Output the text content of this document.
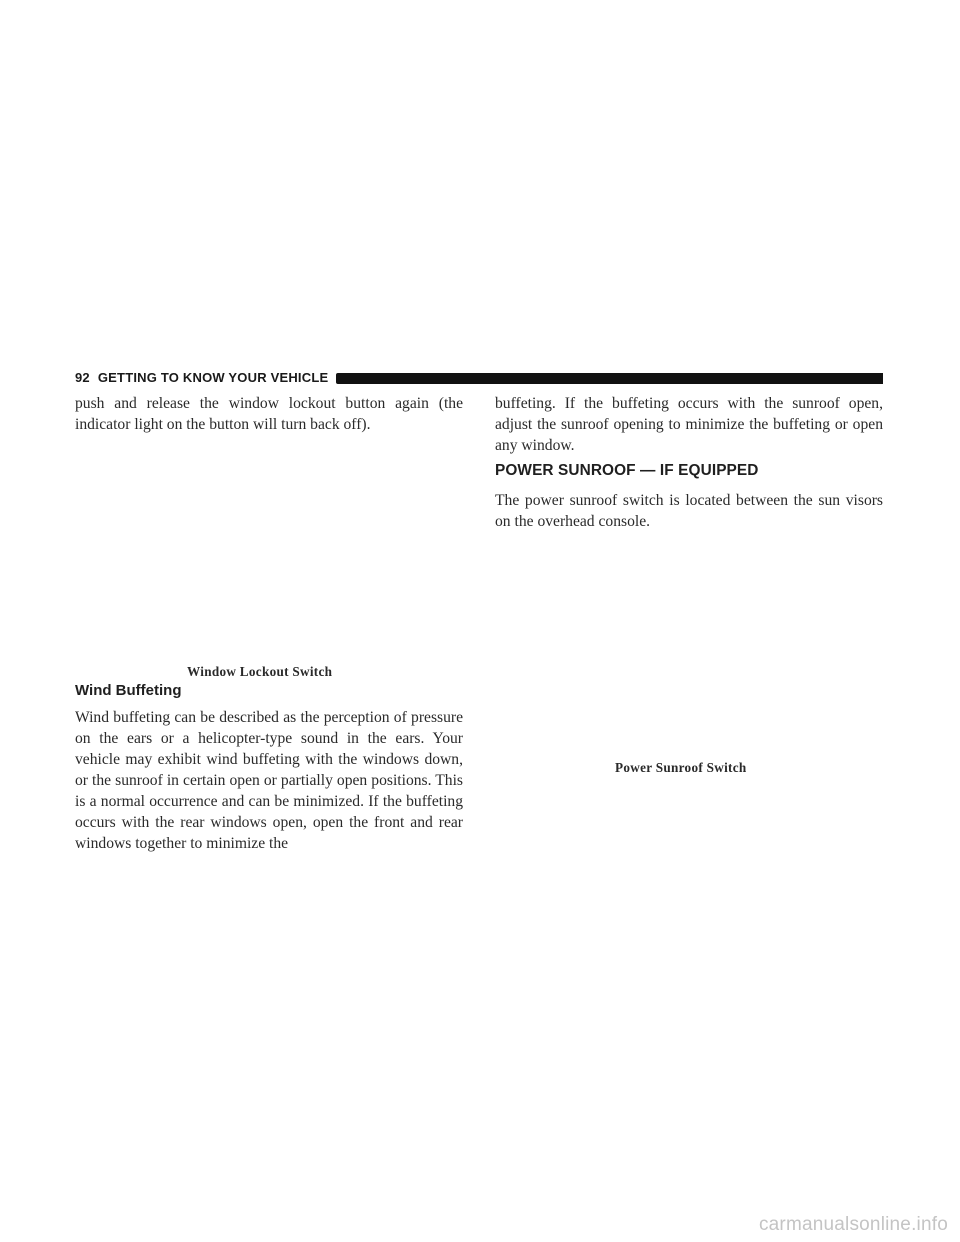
92 GETTING TO KNOW YOUR VEHICLE

push and release the window lockout button again (the indicator light on the button will turn back off).

Window Lockout Switch
Wind Buffeting

Wind buffeting can be described as the perception of pressure on the ears or a helicopter-type sound in the ears. Your vehicle may exhibit wind buffeting with the windows down, or the sunroof in certain open or partially open positions. This is a normal occurrence and can be minimized. If the buffeting occurs with the rear windows open, open the front and rear windows together to minimize the

buffeting. If the buffeting occurs with the sunroof open, adjust the sunroof opening to minimize the buffeting or open any window.

POWER SUNROOF — IF EQUIPPED

The power sunroof switch is located between the sun visors on the overhead console.

Power Sunroof Switch
carmanualsonline.info
